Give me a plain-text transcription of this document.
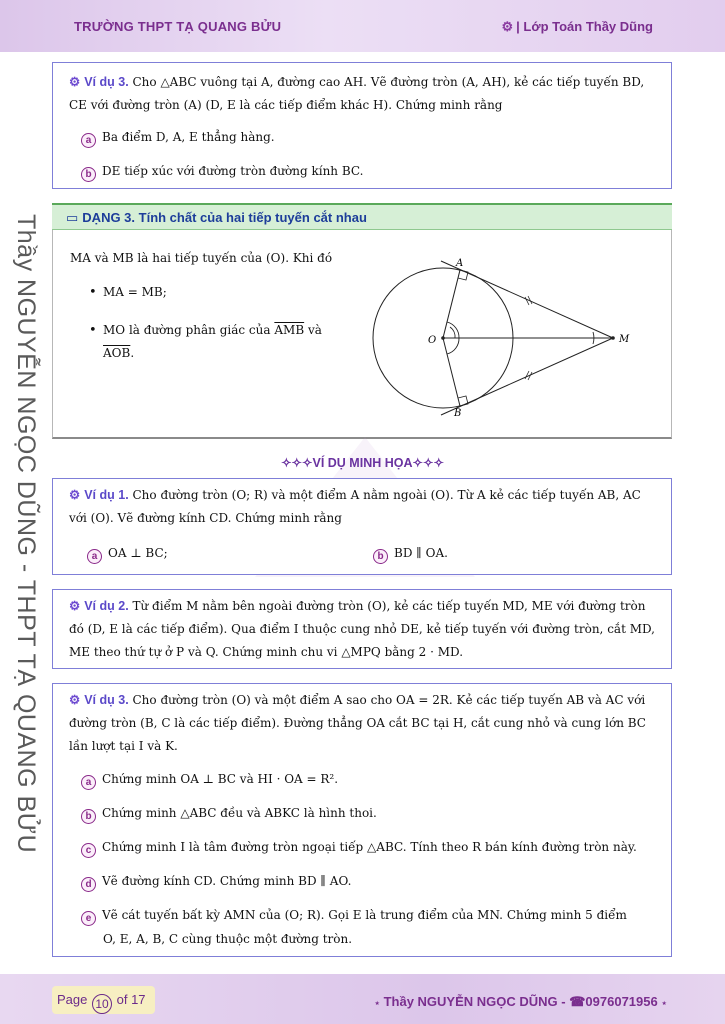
TRƯỜNG THPT TẠ QUANG BỬU	⚙ | Lớp Toán Thầy Dũng
Thầy NGUYỄN NGỌC DŨNG - THPT TẠ QUANG BỬU
⚙ Ví dụ 3. Cho △ABC vuông tại A, đường cao AH. Vẽ đường tròn (A, AH), kẻ các tiếp tuyến BD, CE với đường tròn (A) (D, E là các tiếp điểm khác H). Chứng minh rằng
a Ba điểm D, A, E thẳng hàng.
b DE tiếp xúc với đường tròn đường kính BC.
▭ DẠNG 3. Tính chất của hai tiếp tuyến cắt nhau
MA và MB là hai tiếp tuyến của (O). Khi đó
• MA = MB;
• MO là đường phân giác của $\overline{AMB}$ và
$\overline{AOB}$.
A
B
O	M
✧✧✧VÍ DỤ MINH HỌA✧✧✧
⚙ Ví dụ 1. Cho đường tròn (O; R) và một điểm A nằm ngoài (O). Từ A kẻ các tiếp tuyến AB, AC
với (O). Vẽ đường kính CD. Chứng minh rằng
a OA ⊥ BC;	b BD ∥ OA.
⚙ Ví dụ 2. Từ điểm M nằm bên ngoài đường tròn (O), kẻ các tiếp tuyến MD, ME với đường tròn
đó (D, E là các tiếp điểm). Qua điểm I thuộc cung nhỏ DE, kẻ tiếp tuyến với đường tròn, cắt MD,
ME theo thứ tự ở P và Q. Chứng minh chu vi △MPQ bằng 2 · MD.
⚙ Ví dụ 3. Cho đường tròn (O) và một điểm A sao cho OA = 2R. Kẻ các tiếp tuyến AB và AC với
đường tròn (B, C là các tiếp điểm). Đường thẳng OA cắt BC tại H, cắt cung nhỏ và cung lớn BC
lần lượt tại I và K.
a Chứng minh OA ⊥ BC và HI · OA = R².
b Chứng minh △ABC đều và ABKC là hình thoi.
c Chứng minh I là tâm đường tròn ngoại tiếp △ABC. Tính theo R bán kính đường tròn này.
d Vẽ đường kính CD. Chứng minh BD ∥ AO.
e Vẽ cát tuyến bất kỳ AMN của (O; R). Gọi E là trung điểm của MN. Chứng minh 5 điểm
O, E, A, B, C cùng thuộc một đường tròn.
Page 10 of 17	⋆ Thầy NGUYỄN NGỌC DŨNG - ☎0976071956 ⋆
